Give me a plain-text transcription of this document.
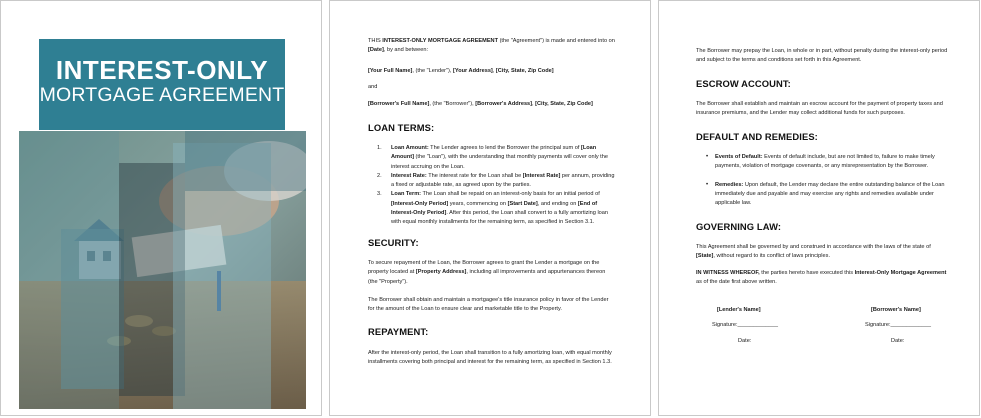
INTEREST-ONLY
MORTGAGE AGREEMENT
THIS INTEREST-ONLY MORTGAGE AGREEMENT (the "Agreement") is made and entered into on [Date], by and between:
[Your Full Name], (the "Lender"), [Your Address], [City, State, Zip Code]
and
[Borrower's Full Name], (the "Borrower"), [Borrower's Address], [City, State, Zip Code]
LOAN TERMS:
1. Loan Amount: The Lender agrees to lend the Borrower the principal sum of [Loan Amount] (the "Loan"), with the understanding that monthly payments will cover only the interest accruing on the Loan.
2. Interest Rate: The interest rate for the Loan shall be [Interest Rate] per annum, providing a fixed or adjustable rate, as agreed upon by the parties.
3. Loan Term: The Loan shall be repaid on an interest-only basis for an initial period of [Interest-Only Period] years, commencing on [Start Date], and ending on [End of Interest-Only Period]. After this period, the Loan shall convert to a fully amortizing loan with equal monthly installments for the remaining term, as specified in Section 3.1.
SECURITY:
To secure repayment of the Loan, the Borrower agrees to grant the Lender a mortgage on the property located at [Property Address], including all improvements and appurtenances thereon (the "Property").
The Borrower shall obtain and maintain a mortgagee's title insurance policy in favor of the Lender for the amount of the Loan to ensure clear and marketable title to the Property.
REPAYMENT:
After the interest-only period, the Loan shall transition to a fully amortizing loan, with equal monthly installments covering both principal and interest for the remaining term, as specified in Section 1.3.
The Borrower may prepay the Loan, in whole or in part, without penalty during the interest-only period and subject to the terms and conditions set forth in this Agreement.
ESCROW ACCOUNT:
The Borrower shall establish and maintain an escrow account for the payment of property taxes and insurance premiums, and the Lender may collect additional funds for such purposes.
DEFAULT AND REMEDIES:
• Events of Default: Events of default include, but are not limited to, failure to make timely payments, violation of mortgage covenants, or any misrepresentation by the Borrower.
• Remedies: Upon default, the Lender may declare the entire outstanding balance of the Loan immediately due and payable and may exercise any rights and remedies available under applicable law.
GOVERNING LAW:
This Agreement shall be governed by and construed in accordance with the laws of the state of [State], without regard to its conflict of laws principles.
IN WITNESS WHEREOF, the parties hereto have executed this Interest-Only Mortgage Agreement as of the date first above written.
[Lender's Name]	[Borrower's Name]
Signature:_____________	Signature:_____________
Date:	Date:
